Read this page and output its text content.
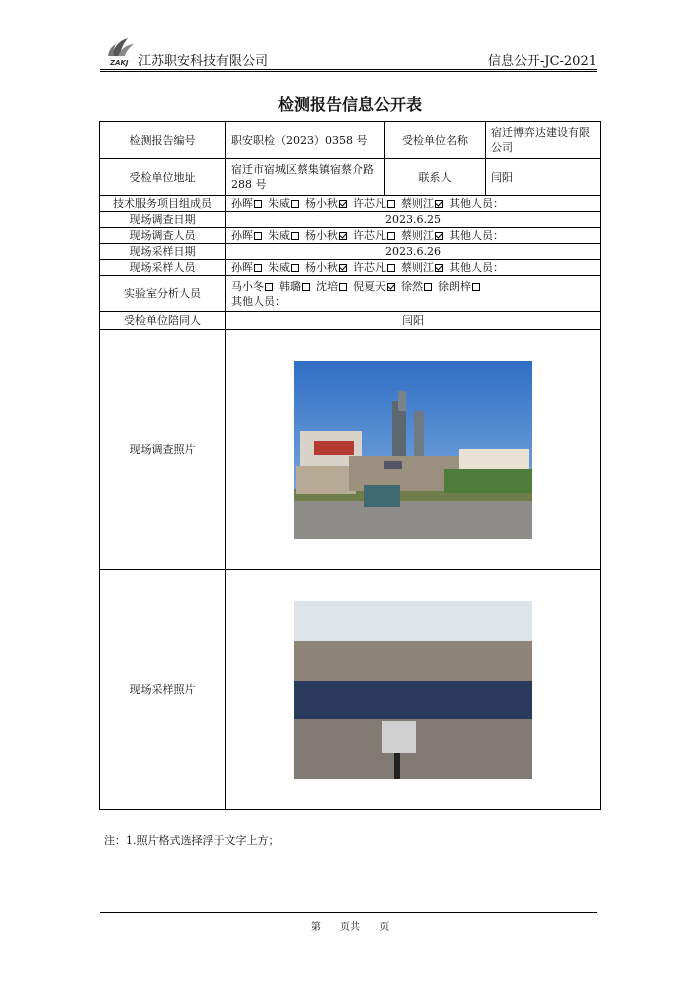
ZAKJ 江苏职安科技有限公司	信息公开-JC-2021
检测报告信息公开表
检测报告编号	职安职检（2023）0358 号	受检单位名称	宿迁博弈达建设有限公司
受检单位地址	宿迁市宿城区蔡集镇宿蔡介路 288 号	联系人	闫阳
技术服务项目组成员	孙晖 朱威 杨小秋 许芯凡 蔡则江 其他人员：		
现场调查日期	2023.6.25		
现场调查人员	孙晖 朱威 杨小秋 许芯凡 蔡则江 其他人员：		
现场采样日期	2023.6.26		
现场采样人员	孙晖 朱威 杨小秋 许芯凡 蔡则江 其他人员：		
实验室分析人员	马小冬 韩璐 沈培 倪夏天 徐然 徐朗梓
其他人员：		

受检单位陪同人	闫阳		
现场调查照片	

现场采样照片	
注：1.照片格式选择浮于文字上方；
第 页共 页
